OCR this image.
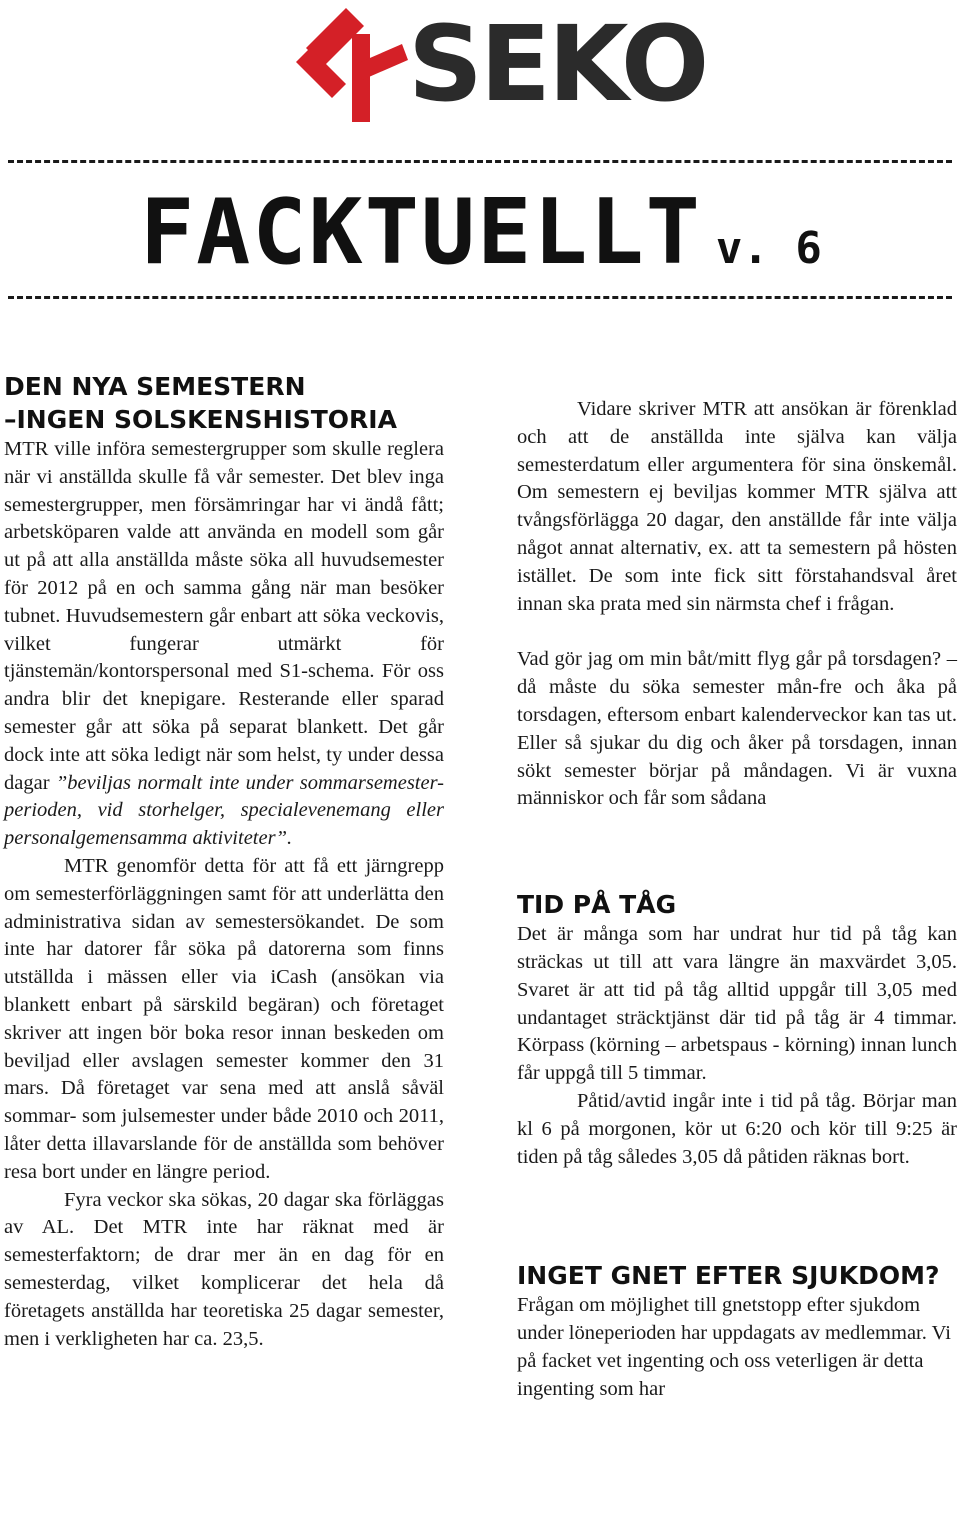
SEKO
FACKTUELLT v. 6
DEN NYA SEMESTERN
–INGEN SOLSKENSHISTORIA

MTR ville införa semestergrupper som skulle reglera när vi anställda skulle få vår semester. Det blev inga semestergrupper, men försämringar har vi ändå fått; arbetsköparen valde att använda en modell som går ut på att alla anställda måste söka all huvudsemester för 2012 på en och samma gång när man besöker tubnet. Huvudsemestern går enbart att söka veckovis, vilket fungerar utmärkt för tjänstemän/kontorspersonal med S1-schema. För oss andra blir det knepigare. Resterande eller sparad semester går att söka på separat blankett. Det går dock inte att söka ledigt när som helst, ty under dessa dagar ”beviljas normalt inte under sommarsemester-perioden, vid storhelger, specialevenemang eller personalgemensamma aktiviteter”.

MTR genomför detta för att få ett järngrepp om semesterförläggningen samt för att underlätta den administrativa sidan av semestersökandet. De som inte har datorer får söka på datorerna som finns utställda i mässen eller via iCash (ansökan via blankett enbart på särskild begäran) och företaget skriver att ingen bör boka resor innan beskeden om beviljad eller avslagen semester kommer den 31 mars. Då företaget var sena med att anslå såväl sommar- som julsemester under både 2010 och 2011, låter detta illavarslande för de anställda som behöver resa bort under en längre period.

Fyra veckor ska sökas, 20 dagar ska förläggas av AL. Det MTR inte har räknat med är semesterfaktorn; de drar mer än en dag för en semesterdag, vilket komplicerar det hela då företagets anställda har teoretiska 25 dagar semester, men i verkligheten har ca. 23,5.

Vidare skriver MTR att ansökan är förenklad och att de anställda inte själva kan välja semesterdatum eller argumentera för sina önskemål. Om semestern ej beviljas kommer MTR själva att tvångsförlägga 20 dagar, den anställde får inte välja något annat alternativ, ex. att ta semestern på hösten istället. De som inte fick sitt förstahandsval året innan ska prata med sin närmsta chef i frågan.

Vad gör jag om min båt/mitt flyg går på torsdagen? –då måste du söka semester mån-fre och åka på torsdagen, eftersom enbart kalenderveckor kan tas ut. Eller så sjukar du dig och åker på torsdagen, innan sökt semester börjar på måndagen. Vi är vuxna människor och får som sådana

TID PÅ TÅG

Det är många som har undrat hur tid på tåg kan sträckas ut till att vara längre än maxvärdet 3,05. Svaret är att tid på tåg alltid uppgår till 3,05 med undantaget sträcktjänst där tid på tåg är 4 timmar. Körpass (körning – arbetspaus - körning) innan lunch får uppgå till 5 timmar.

Påtid/avtid ingår inte i tid på tåg. Börjar man kl 6 på morgonen, kör ut 6:20 och kör till 9:25 är tiden på tåg således 3,05 då påtiden räknas bort.

INGET GNET EFTER SJUKDOM?

Frågan om möjlighet till gnetstopp efter sjukdom under löneperioden har uppdagats av medlemmar. Vi på facket vet ingenting och oss veterligen är detta ingenting som har
